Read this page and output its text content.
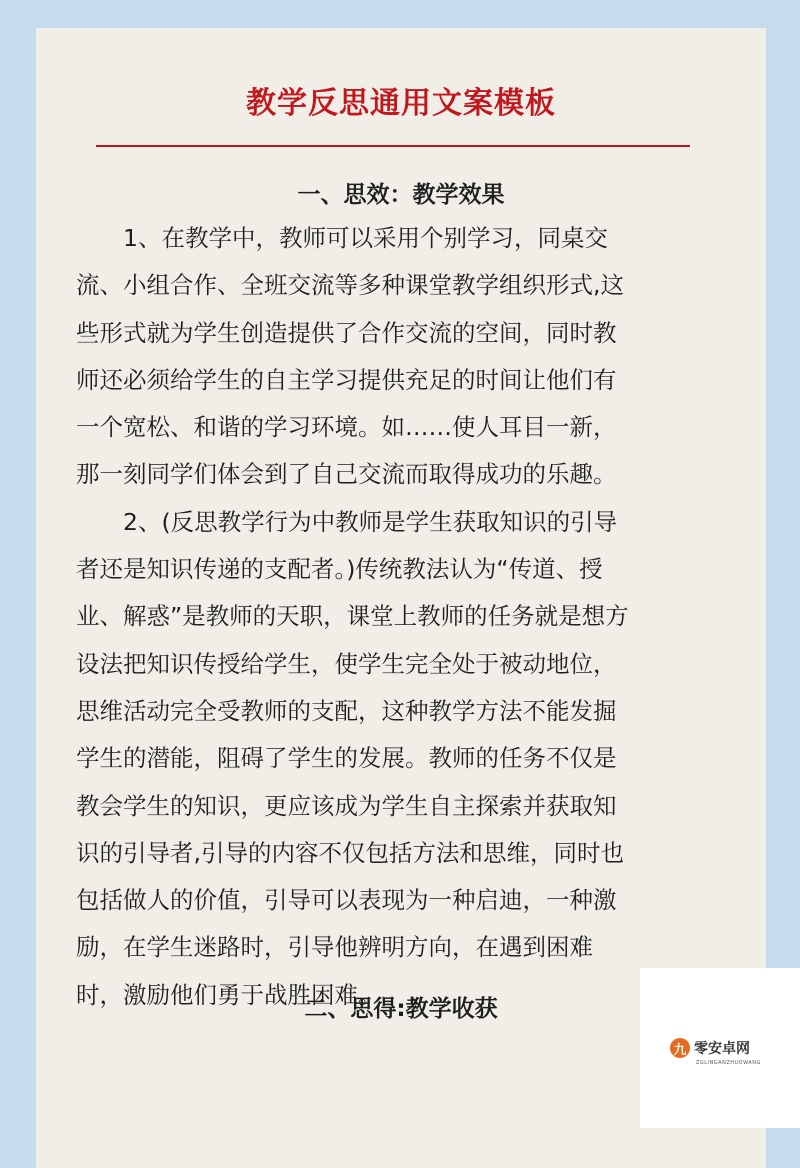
教学反思通用文案模板
一、思效：教学效果
　　1、在教学中，教师可以采用个别学习，同桌交
流、小组合作、全班交流等多种课堂教学组织形式,这
些形式就为学生创造提供了合作交流的空间，同时教
师还必须给学生的自主学习提供充足的时间让他们有
一个宽松、和谐的学习环境。如……使人耳目一新，
那一刻同学们体会到了自己交流而取得成功的乐趣。
　　2、(反思教学行为中教师是学生获取知识的引导
者还是知识传递的支配者。)传统教法认为“传道、授
业、解惑”是教师的天职，课堂上教师的任务就是想方
设法把知识传授给学生，使学生完全处于被动地位，
思维活动完全受教师的支配，这种教学方法不能发掘
学生的潜能，阻碍了学生的发展。教师的任务不仅是
教会学生的知识，更应该成为学生自主探索并获取知
识的引导者,引导的内容不仅包括方法和思维，同时也
包括做人的价值，引导可以表现为一种启迪，一种激
励，在学生迷路时，引导他辨明方向，在遇到困难
时，激励他们勇于战胜困难。
二、思得:教学收获
九 零安卓网
ZGLINGANZHUOWANG
